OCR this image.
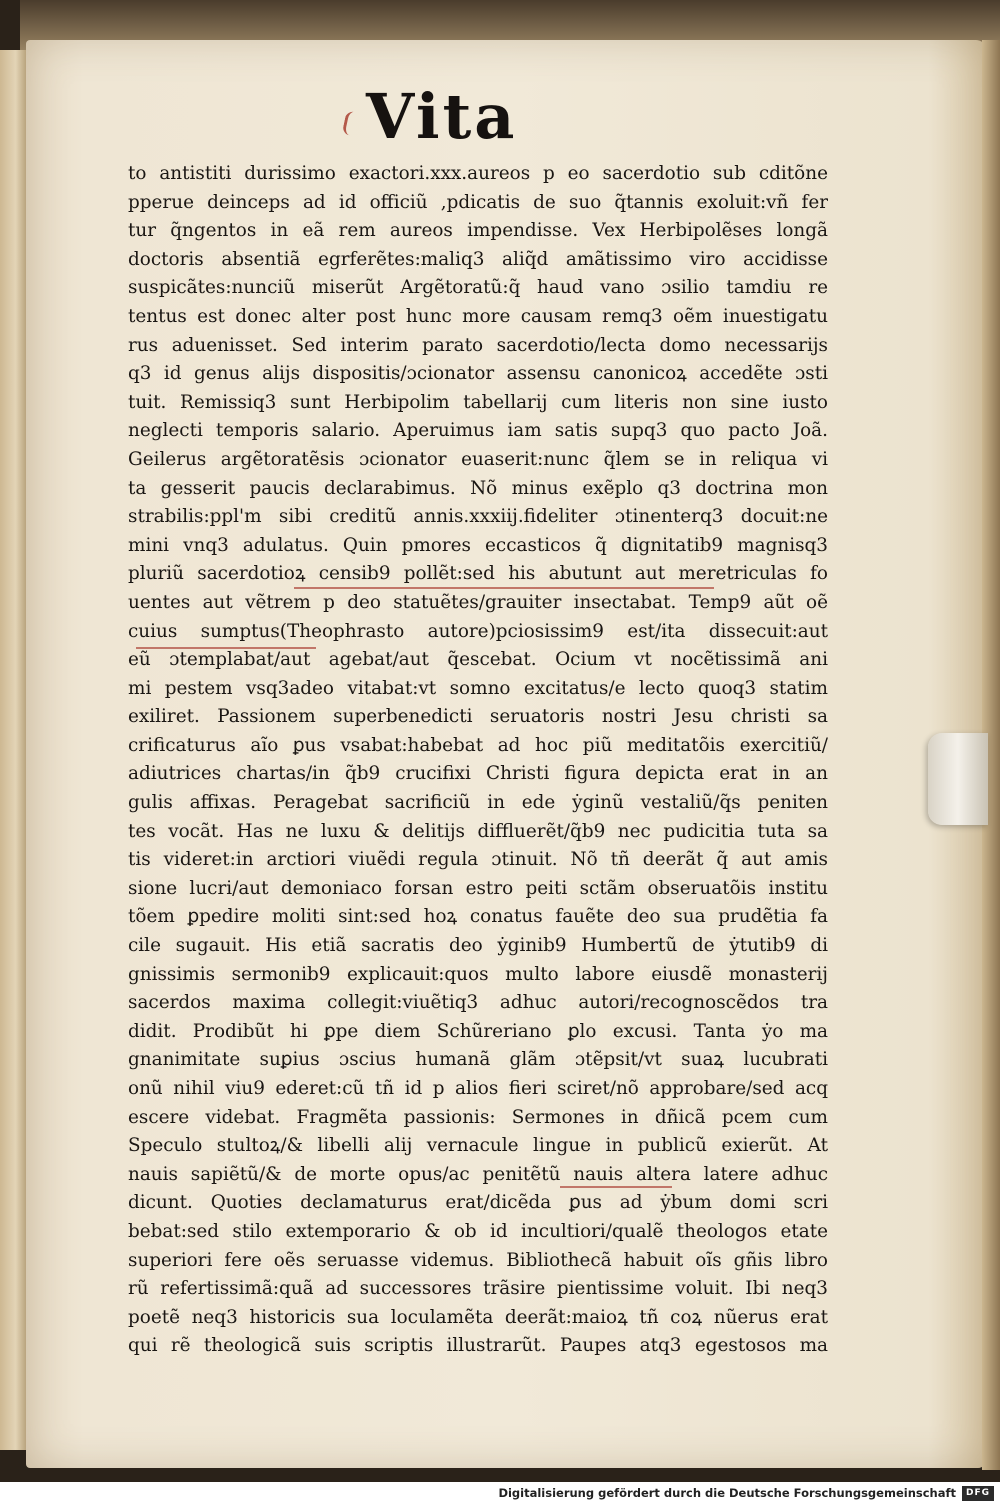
Vita
to antistiti durissimo exactori.xxx.aureos p eo sacerdotio sub cditõne
pperue deinceps ad id officiũ ,pdicatis de suo q̃tannis exoluit:vñ fer
tur q̃ngentos in eã rem aureos impendisse. Vex Herbipolẽses longã
doctoris absentiã egrferẽtes:maliq3 aliq̃d amãtissimo viro accidisse
suspicãtes:nunciũ miserũt Argẽtoratũ:q̃ haud vano ɔsilio tamdiu re
tentus est donec alter post hunc more causam remq3 oẽm inuestigatu
rus aduenisset. Sed interim parato sacerdotio/lecta domo necessarijs
q3 id genus alijs dispositis/ɔcionator assensu canonicoꝝ accedẽte ɔsti
tuit. Remissiq3 sunt Herbipolim tabellarij cum literis non sine iusto
neglecti temporis salario. Aperuimus iam satis supq3 quo pacto Joã.
Geilerus argẽtoratẽsis ɔcionator euaserit:nunc q̃lem se in reliqua vi
ta gesserit paucis declarabimus. Nõ minus exẽplo q3 doctrina mon
strabilis:ppl'm sibi creditũ annis.xxxiij.fideliter ɔtinenterq3 docuit:ne
mini vnq3 adulatus. Quin pmores eccasticos q̃ dignitatib9 magnisq3
pluriũ sacerdotioꝝ censib9 pollẽt:sed his abutunt aut meretriculas fo
uentes aut vẽtrem p deo statuẽtes/grauiter insectabat. Temp9 aũt oẽ
cuius sumptus(Theophrasto autore)pciosissim9 est/ita dissecuit:aut
eũ ɔtemplabat/aut agebat/aut q̃escebat. Ocium vt nocẽtissimã ani
mi pestem vsq3adeo vitabat:vt somno excitatus/e lecto quoq3 statim
exiliret. Passionem superbenedicti seruatoris nostri Jesu christi sa
crificaturus aĩo ꝑus vsabat:habebat ad hoc piũ meditatõis exercitiũ/
adiutrices chartas/in q̃b9 crucifixi Christi figura depicta erat in an
gulis affixas. Peragebat sacrificiũ in ede ẏginũ vestaliũ/q̃s peniten
tes vocãt. Has ne luxu & delitijs diffluerẽt/q̃b9 nec pudicitia tuta sa
tis videret:in arctiori viuẽdi regula ɔtinuit. Nõ tñ deerãt q̃ aut amis
sione lucri/aut demoniaco forsan estro peiti sctãm obseruatõis institu
tõem ꝑpedire moliti sint:sed hoꝝ conatus fauẽte deo sua prudẽtia fa
cile sugauit. His etiã sacratis deo ẏginib9 Humbertũ de ẏtutib9 di
gnissimis sermonib9 explicauit:quos multo labore eiusdẽ monasterij
sacerdos maxima collegit:viuẽtiq3 adhuc autori/recognoscẽdos tra
didit. Prodibũt hi ꝑpe diem Schũreriano ꝑlo excusi. Tanta ẏo ma
gnanimitate suꝑius ɔscius humanã glãm ɔtẽpsit/vt suaꝝ lucubrati
onũ nihil viu9 ederet:cũ tñ id p alios fieri sciret/nõ approbare/sed acq
escere videbat. Fragmẽta passionis: Sermones in dñicã pcem cum
Speculo stultoꝝ/& libelli alij vernacule lingue in publicũ exierũt. At
nauis sapiẽtũ/& de morte opus/ac penitẽtũ nauis altera latere adhuc
dicunt. Quoties declamaturus erat/dicẽda ꝑus ad ẏbum domi scri
bebat:sed stilo extemporario & ob id incultiori/qualẽ theologos etate
superiori fere oẽs seruasse videmus. Bibliothecã habuit oĩs gñis libro
rũ refertissimã:quã ad successores trãsire pientissime voluit. Ibi neq3
poetẽ neq3 historicis sua loculamẽta deerãt:maioꝝ tñ coꝝ nũerus erat
qui rẽ theologicã suis scriptis illustrarũt. Paupes atq3 egestosos ma
Digitalisierung gefördert durch die Deutsche Forschungsgemeinschaft	DFG
